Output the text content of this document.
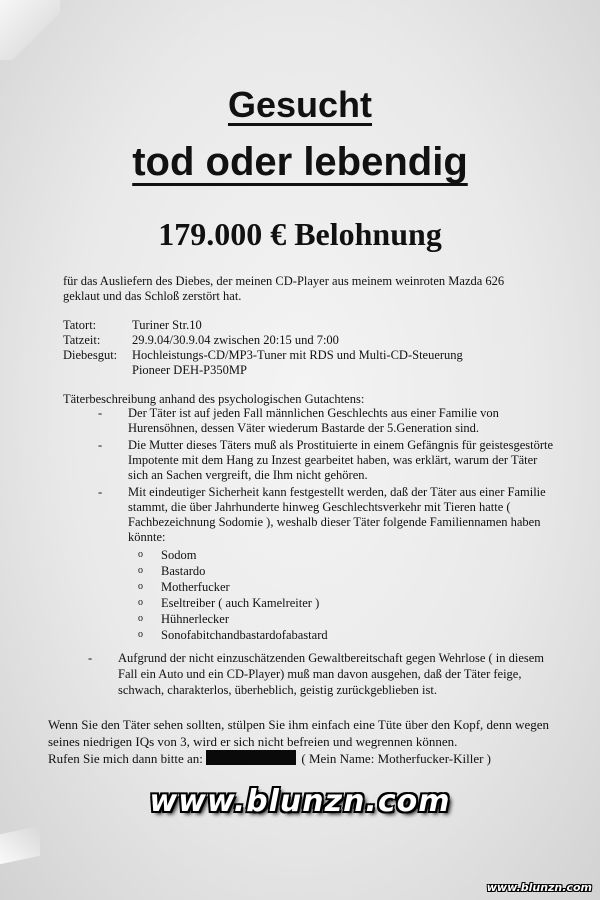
Gesucht
tod oder lebendig
179.000 € Belohnung
für das Ausliefern des Diebes, der meinen CD-Player aus meinem weinroten Mazda 626 geklaut und das Schloß zerstört hat.
Tatort:	Turiner Str.10
Tatzeit:	29.9.04/30.9.04 zwischen 20:15 und 7:00
Diebesgut:	Hochleistungs-CD/MP3-Tuner mit RDS und Multi-CD-Steuerung
Pioneer DEH-P350MP
Täterbeschreibung anhand des psychologischen Gutachtens:
-	Der Täter ist auf jeden Fall männlichen Geschlechts aus einer Familie von Hurensöhnen, dessen Väter wiederum Bastarde der 5.Generation sind.
-	Die Mutter dieses Täters muß als Prostituierte in einem Gefängnis für geistesgestörte Impotente mit dem Hang zu Inzest gearbeitet haben, was erklärt, warum der Täter sich an Sachen vergreift, die Ihm nicht gehören.
-	Mit eindeutiger Sicherheit kann festgestellt werden, daß der Täter aus einer Familie stammt, die über Jahrhunderte hinweg Geschlechtsverkehr mit Tieren hatte ( Fachbezeichnung Sodomie ), weshalb dieser Täter folgende Familiennamen haben könnte:
o	Sodom
o	Bastardo
o	Motherfucker
o	Eseltreiber ( auch Kamelreiter )
o	Hühnerlecker
o	Sonofabitchandbastardofabastard
-	Aufgrund der nicht einzuschätzenden Gewaltbereitschaft gegen Wehrlose ( in diesem Fall ein Auto und ein CD-Player) muß man davon ausgehen, daß der Täter feige, schwach, charakterlos, überheblich, geistig zurückgeblieben ist.
Wenn Sie den Täter sehen sollten, stülpen Sie ihm einfach eine Tüte über den Kopf, denn wegen seines niedrigen IQs von 3, wird er sich nicht befreien und wegrennen können.
Rufen Sie mich dann bitte an:	( Mein Name: Motherfucker-Killer )
www.blunzn.com
www.blunzn.com
